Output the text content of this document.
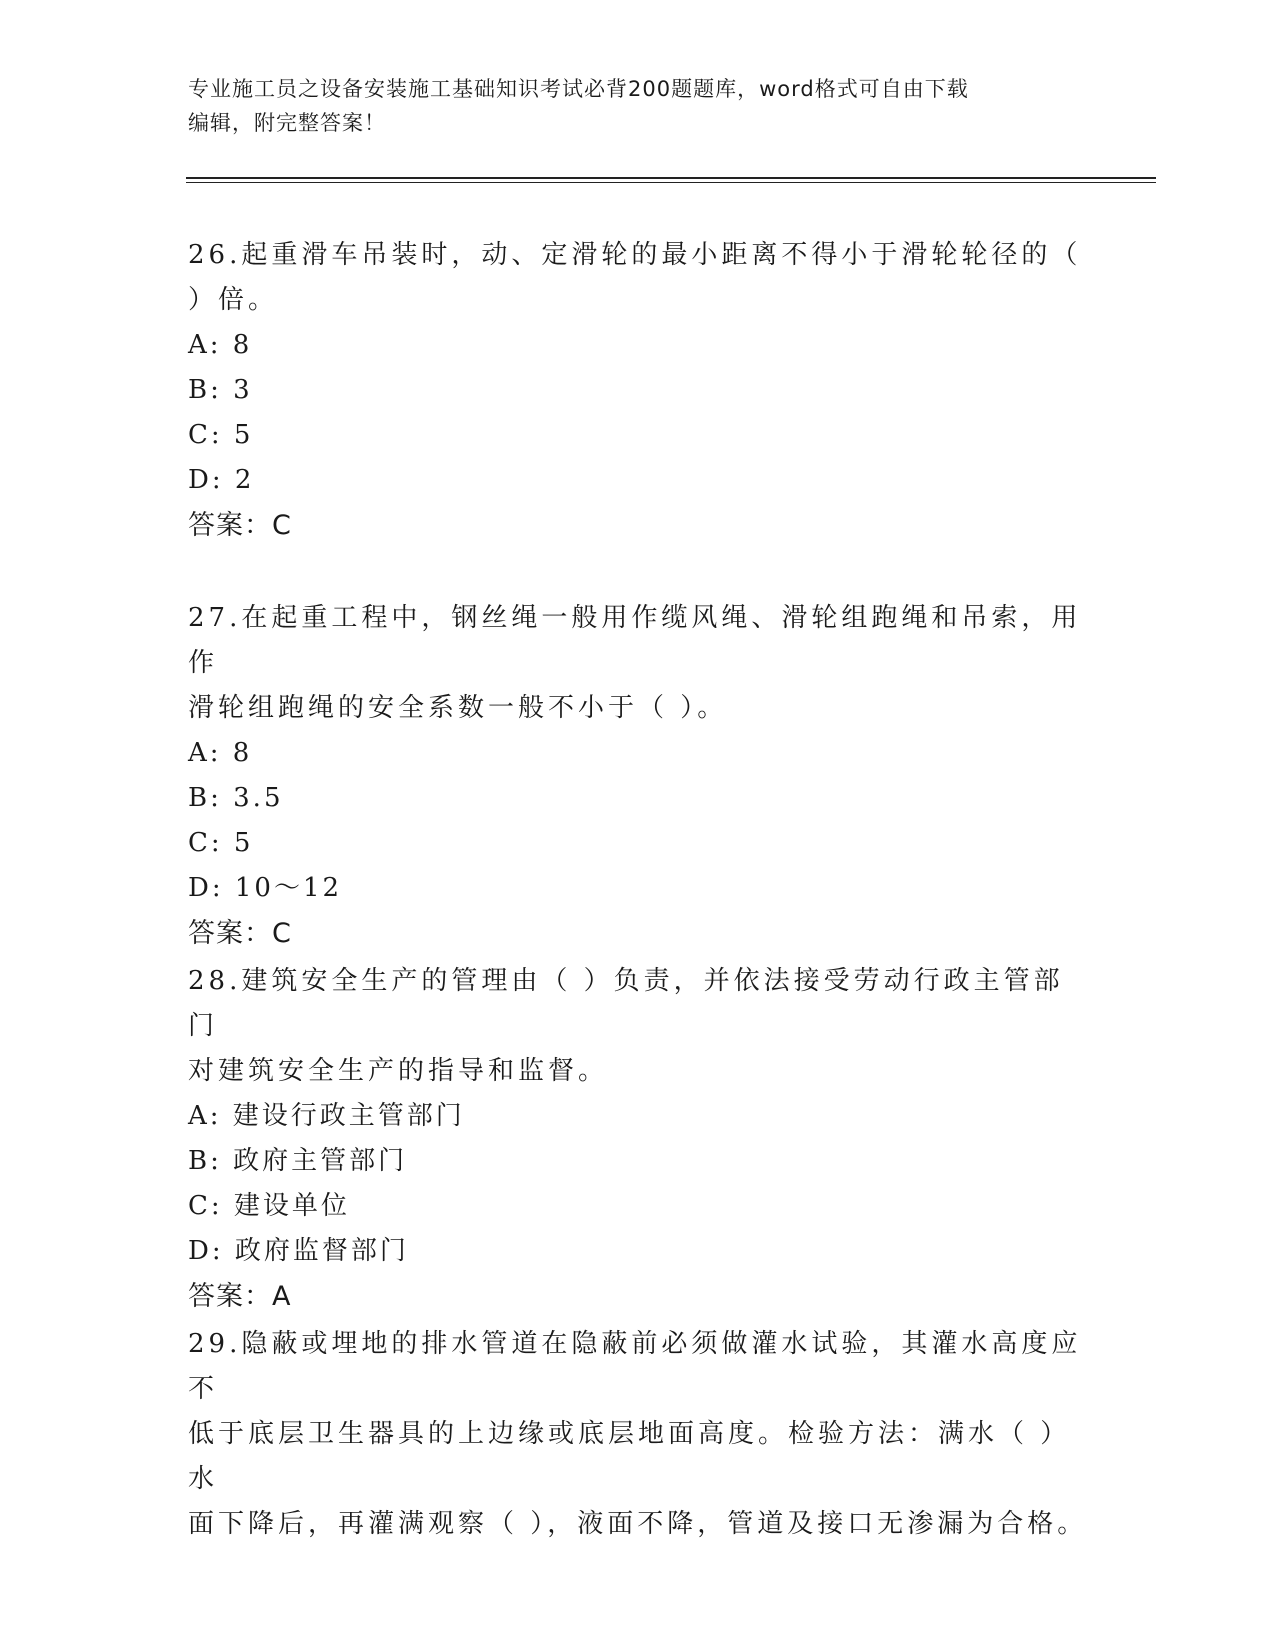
专业施工员之设备安装施工基础知识考试必背200题题库，word格式可自由下载
编辑，附完整答案！

26.起重滑车吊装时，动、定滑轮的最小距离不得小于滑轮轮径的（

）倍。

A: 8

B: 3

C: 5

D: 2

答案：C

27.在起重工程中，钢丝绳一般用作缆风绳、滑轮组跑绳和吊索，用作

滑轮组跑绳的安全系数一般不小于（ ）。

A: 8

B: 3.5

C: 5

D: 10～12

答案：C

28.建筑安全生产的管理由（ ）负责，并依法接受劳动行政主管部门

对建筑安全生产的指导和监督。

A: 建设行政主管部门

B: 政府主管部门

C: 建设单位

D: 政府监督部门

答案：A

29.隐蔽或埋地的排水管道在隐蔽前必须做灌水试验，其灌水高度应不

低于底层卫生器具的上边缘或底层地面高度。检验方法：满水（ ）水

面下降后，再灌满观察（ ），液面不降，管道及接口无渗漏为合格。
